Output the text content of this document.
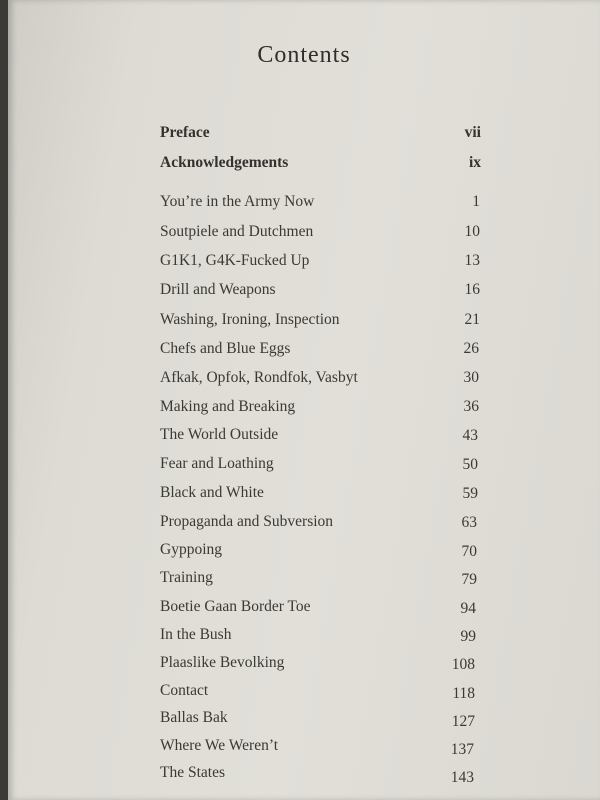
Contents
Preface	vii
Acknowledgements	ix
You’re in the Army Now	1
Soutpiele and Dutchmen	10
G1K1, G4K-Fucked Up	13
Drill and Weapons	16
Washing, Ironing, Inspection	21
Chefs and Blue Eggs	26
Afkak, Opfok, Rondfok, Vasbyt	30
Making and Breaking	36
The World Outside	43
Fear and Loathing	50
Black and White	59
Propaganda and Subversion	63
Gyppoing	70
Training	79
Boetie Gaan Border Toe	94
In the Bush	99
Plaaslike Bevolking	108
Contact	118
Ballas Bak	127
Where We Weren’t	137
The States	143
